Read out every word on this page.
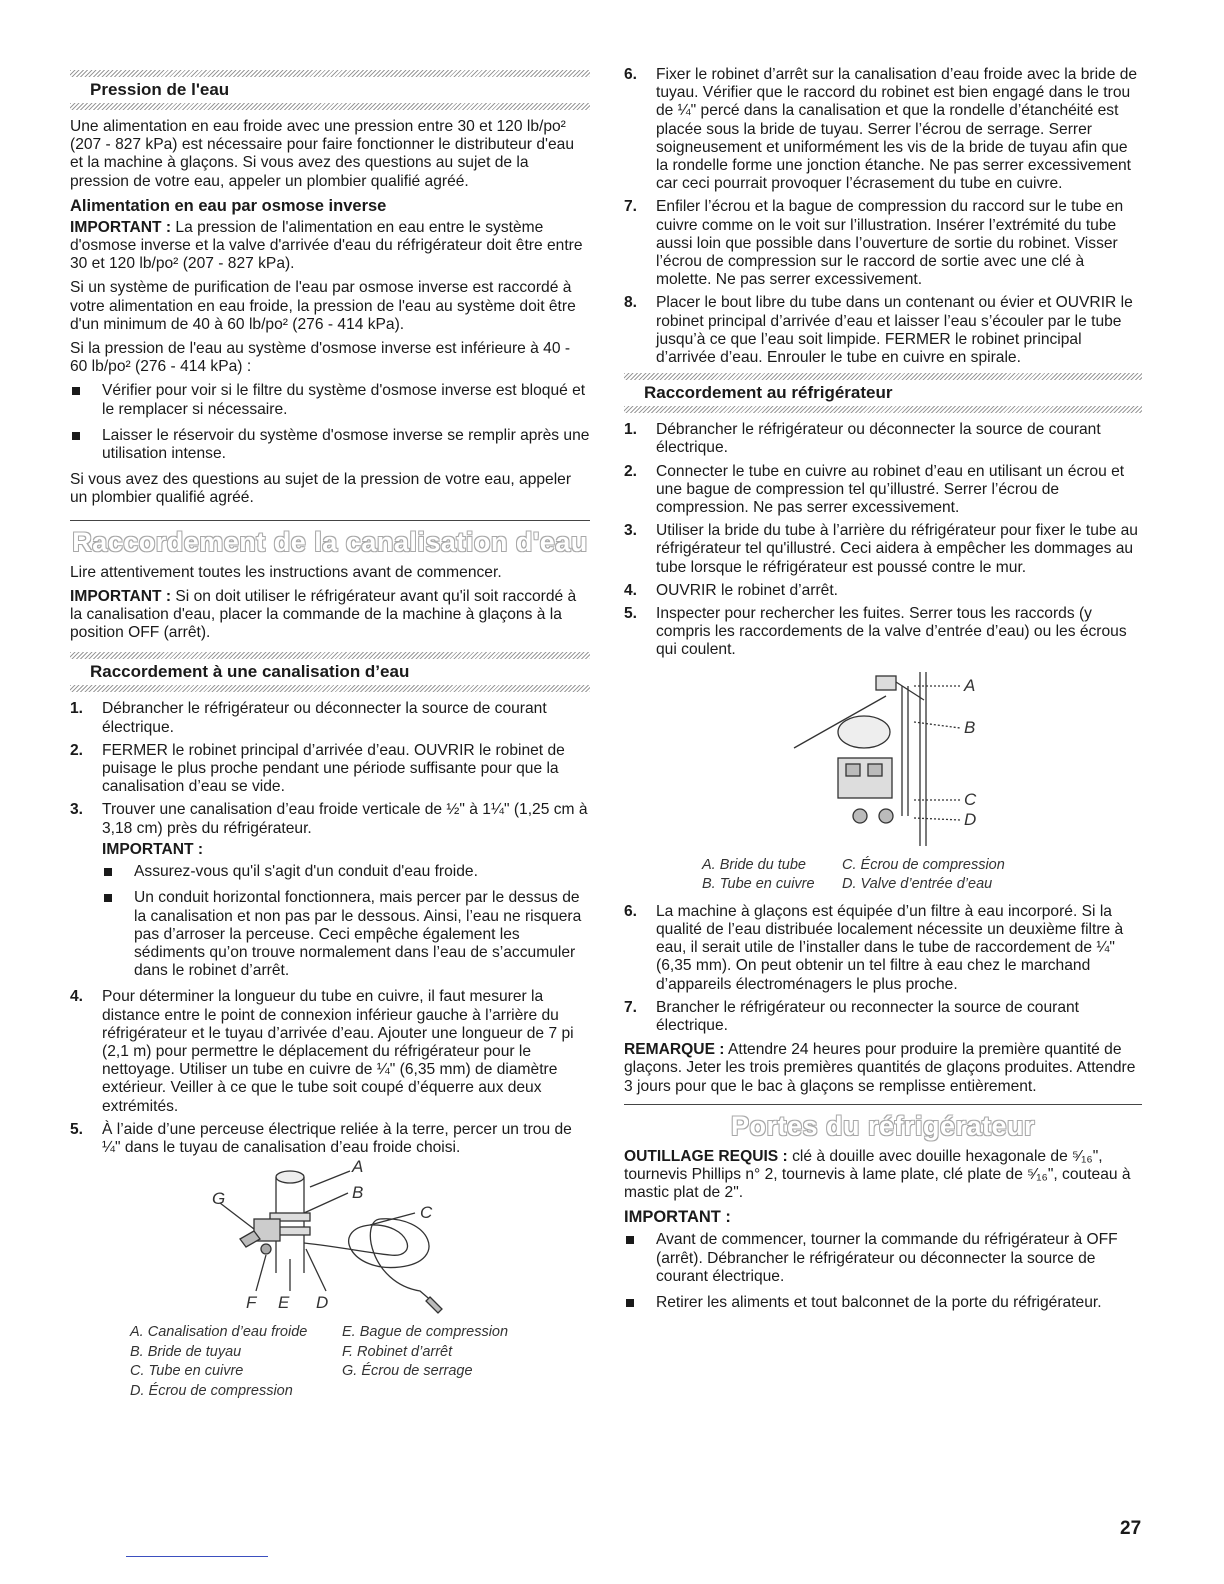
Pression de l'eau

Une alimentation en eau froide avec une pression entre 30 et 120 lb/po² (207 - 827 kPa) est nécessaire pour faire fonctionner le distributeur d'eau et la machine à glaçons. Si vous avez des questions au sujet de la pression de votre eau, appeler un plombier qualifié agréé.

Alimentation en eau par osmose inverse

IMPORTANT : La pression de l'alimentation en eau entre le système d'osmose inverse et la valve d'arrivée d'eau du réfrigérateur doit être entre 30 et 120 lb/po² (207 - 827 kPa).

Si un système de purification de l'eau par osmose inverse est raccordé à votre alimentation en eau froide, la pression de l'eau au système doit être d'un minimum de 40 à 60 lb/po² (276 - 414 kPa).

Si la pression de l'eau au système d'osmose inverse est inférieure à 40 - 60 lb/po² (276 - 414 kPa) :

Vérifier pour voir si le filtre du système d'osmose inverse est bloqué et le remplacer si nécessaire.
Laisser le réservoir du système d'osmose inverse se remplir après une utilisation intense.

Si vous avez des questions au sujet de la pression de votre eau, appeler un plombier qualifié agréé.

Raccordement de la canalisation d'eau

Lire attentivement toutes les instructions avant de commencer.

IMPORTANT : Si on doit utiliser le réfrigérateur avant qu'il soit raccordé à la canalisation d'eau, placer la commande de la machine à glaçons à la position OFF (arrêt).

Raccordement à une canalisation d’eau
1. Débrancher le réfrigérateur ou déconnecter la source de courant électrique.
2. FERMER le robinet principal d’arrivée d’eau. OUVRIR le robinet de puisage le plus proche pendant une période suffisante pour que la canalisation d’eau se vide.
3. Trouver une canalisation d’eau froide verticale de ½" à 1¼" (1,25 cm à 3,18 cm) près du réfrigérateur.
IMPORTANT :
Assurez-vous qu'il s'agit d'un conduit d'eau froide.
Un conduit horizontal fonctionnera, mais percer par le dessus de la canalisation et non pas par le dessous. Ainsi, l’eau ne risquera pas d’arroser la perceuse. Ceci empêche également les sédiments qu’on trouve normalement dans l’eau de s’accumuler dans le robinet d’arrêt.
4. Pour déterminer la longueur du tube en cuivre, il faut mesurer la distance entre le point de connexion inférieur gauche à l’arrière du réfrigérateur et le tuyau d’arrivée d’eau. Ajouter une longueur de 7 pi (2,1 m) pour permettre le déplacement du réfrigérateur pour le nettoyage. Utiliser un tube en cuivre de ¼" (6,35 mm) de diamètre extérieur. Veiller à ce que le tube soit coupé d’équerre aux deux extrémités.
5. À l’aide d’une perceuse électrique reliée à la terre, percer un trou de ¼" dans le tuyau de canalisation d’eau froide choisi.
A
B
C
G
F E D
A. Canalisation d’eau froide
B. Bride de tuyau
C. Tube en cuivre
D. Écrou de compression
E. Bague de compression
F. Robinet d’arrêt
G. Écrou de serrage
6. Fixer le robinet d’arrêt sur la canalisation d’eau froide avec la bride de tuyau. Vérifier que le raccord du robinet est bien engagé dans le trou de ¼" percé dans la canalisation et que la rondelle d’étanchéité est placée sous la bride de tuyau. Serrer l’écrou de serrage. Serrer soigneusement et uniformément les vis de la bride de tuyau afin que la rondelle forme une jonction étanche. Ne pas serrer excessivement car ceci pourrait provoquer l’écrasement du tube en cuivre.
7. Enfiler l’écrou et la bague de compression du raccord sur le tube en cuivre comme on le voit sur l’illustration. Insérer l’extrémité du tube aussi loin que possible dans l’ouverture de sortie du robinet. Visser l’écrou de compression sur le raccord de sortie avec une clé à molette. Ne pas serrer excessivement.
8. Placer le bout libre du tube dans un contenant ou évier et OUVRIR le robinet principal d’arrivée d’eau et laisser l’eau s’écouler par le tube jusqu’à ce que l’eau soit limpide. FERMER le robinet principal d’arrivée d’eau. Enrouler le tube en cuivre en spirale.
Raccordement au réfrigérateur
1. Débrancher le réfrigérateur ou déconnecter la source de courant électrique.
2. Connecter le tube en cuivre au robinet d’eau en utilisant un écrou et une bague de compression tel qu’illustré. Serrer l’écrou de compression. Ne pas serrer excessivement.
3. Utiliser la bride du tube à l’arrière du réfrigérateur pour fixer le tube au réfrigérateur tel qu'illustré. Ceci aidera à empêcher les dommages au tube lorsque le réfrigérateur est poussé contre le mur.
4. OUVRIR le robinet d’arrêt.
5. Inspecter pour rechercher les fuites. Serrer tous les raccords (y compris les raccordements de la valve d’entrée d’eau) ou les écrous qui coulent.
A
B
C
D
A. Bride du tube
B. Tube en cuivre
C. Écrou de compression
D. Valve d’entrée d’eau
6. La machine à glaçons est équipée d’un filtre à eau incorporé. Si la qualité de l’eau distribuée localement nécessite un deuxième filtre à eau, il serait utile de l’installer dans le tube de raccordement de ¼" (6,35 mm). On peut obtenir un tel filtre à eau chez le marchand d’appareils électroménagers le plus proche.
7. Brancher le réfrigérateur ou reconnecter la source de courant électrique.

REMARQUE : Attendre 24 heures pour produire la première quantité de glaçons. Jeter les trois premières quantités de glaçons produites. Attendre 3 jours pour que le bac à glaçons se remplisse entièrement.

Portes du réfrigérateur

OUTILLAGE REQUIS : clé à douille avec douille hexagonale de ⁵⁄₁₆", tournevis Phillips n° 2, tournevis à lame plate, clé plate de ⁵⁄₁₆", couteau à mastic plat de 2".

IMPORTANT :
Avant de commencer, tourner la commande du réfrigérateur à OFF (arrêt). Débrancher le réfrigérateur ou déconnecter la source de courant électrique.
Retirer les aliments et tout balconnet de la porte du réfrigérateur.
27
